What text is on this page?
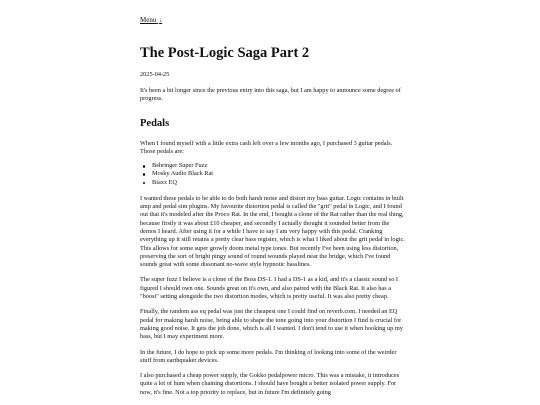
Menu ↓
The Post-Logic Saga Part 2

2025-04-25

It's been a bit longer since the previous entry into this saga, but I am happy to announce some degree of progress.

Pedals

When I found myself with a little extra cash left over a few months ago, I purchased 3 guitar pedals. Those pedals are:

Behringer Super Fuzz
Mosky Audio Black Rat
Biaxx EQ

I wanted these pedals to be able to do both harsh noise and distort my bass guitar. Logic contains in built amp and pedal sim plugins. My favourite distortion pedal is called the "grit" pedal in Logic, and I found out that it's modeled after the Proco Rat. In the end, I bought a clone of the Rat rather than the real thing, because firstly it was about £10 cheaper, and secondly I actually thought it sounded better from the demos I heard. After using it for a while I have to say I am very happy with this pedal. Cranking everything up it still retains a pretty clear bass register, which is what I liked about the grit pedal in logic. This allows for some super growly doom metal type tones. But recently I've been using less distortion, preserving the sort of bright pingy sound of round wounds played near the bridge, which I've found sounds great with some dissonant no-wave style hypnotic basslines.

The super fuzz I believe is a clone of the Boss DS-1. I had a DS-1 as a kid, and it's a classic sound so I figured I should own one. Sounds great on it's own, and also paired with the Black Rat. It also has a "boost" setting alongside the two distortion modes, which is pretty useful. It was also pretty cheap.

Finally, the random ass eq pedal was just the cheapest one I could find on reverb.com. I needed an EQ pedal for making harsh noise, being able to shape the tone going into your distortion I find is crucial for making good noise. It gets the job done, which is all I wanted. I don't tend to use it when hooking up my bass, but I may experiment more.

In the future, I do hope to pick up some more pedals. I'm thinking of looking into some of the weirder stuff from earthquaker devices.

I also purchased a cheap power supply, the Gokko pedalpower micro. This was a mistake, it introduces quite a lot of hum when chaining distortions. I should have bought a better isolated power supply. For now, it's fine. Not a top priority to replace, but in future I'm definitely going
